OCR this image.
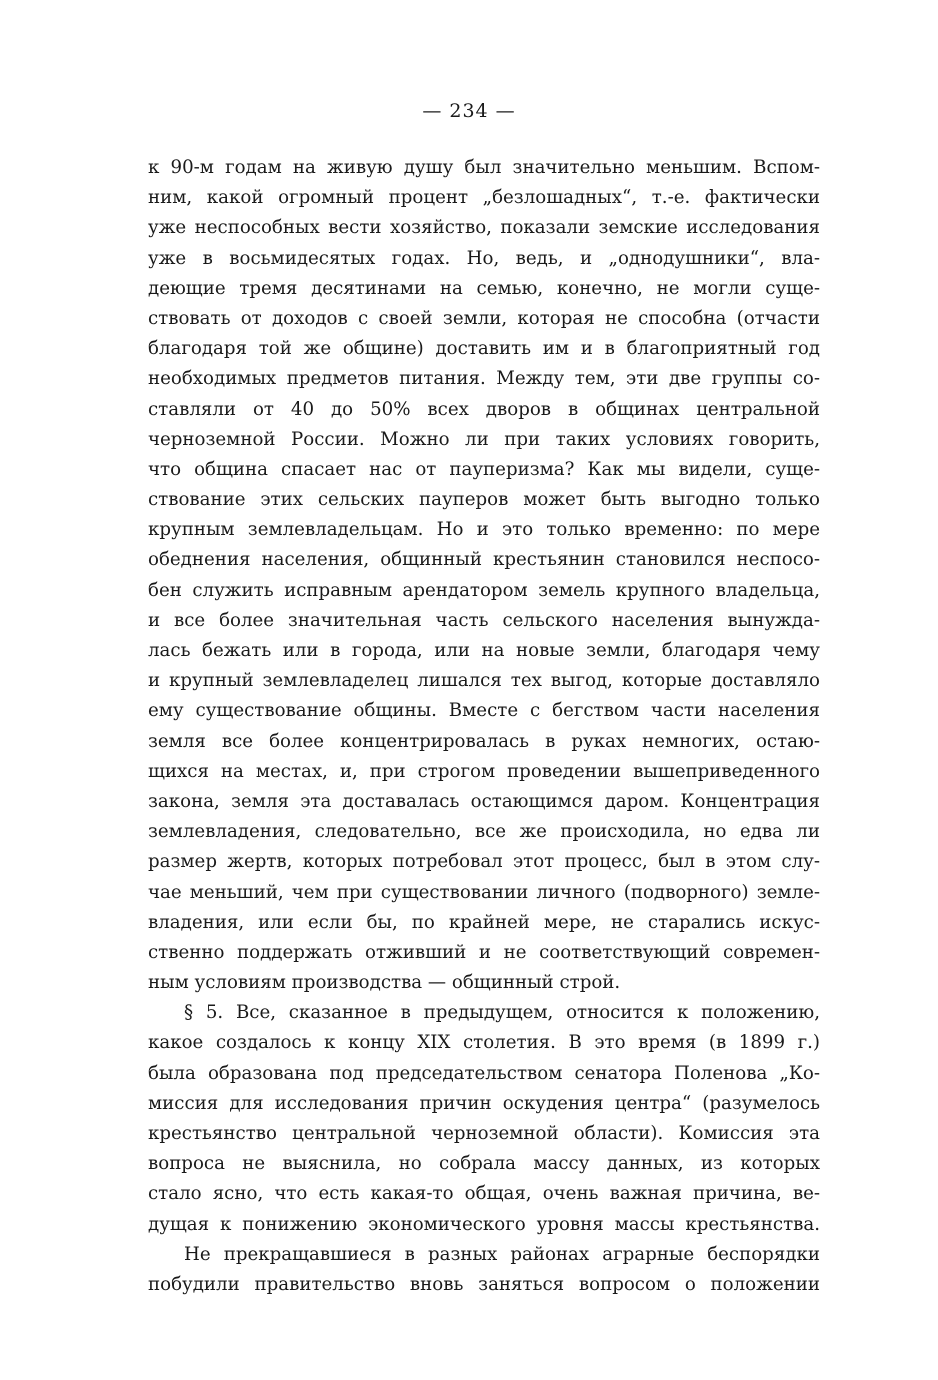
— 234 —
к 90-м годам на живую душу был значительно меньшим. Вспом-
ним, какой огромный процент „безлошадных“, т.-е. фактически
уже неспособных вести хозяйство, показали земские исследования
уже в восьмидесятых годах. Но, ведь, и „однодушники“, вла-
деющие тремя десятинами на семью, конечно, не могли суще-
ствовать от доходов с своей земли, которая не способна (отчасти
благодаря той же общине) доставить им и в благоприятный год
необходимых предметов питания. Между тем, эти две группы со-
ставляли от 40 до 50% всех дворов в общинах центральной
черноземной России. Можно ли при таких условиях говорить,
что община спасает нас от пауперизма? Как мы видели, суще-
ствование этих сельских пауперов может быть выгодно только
крупным землевладельцам. Но и это только временно: по мере
обеднения населения, общинный крестьянин становился неспосо-
бен служить исправным арендатором земель крупного владельца,
и все более значительная часть сельского населения вынужда-
лась бежать или в города, или на новые земли, благодаря чему
и крупный землевладелец лишался тех выгод, которые доставляло
ему существование общины. Вместе с бегством части населения
земля все более концентрировалась в руках немногих, остаю-
щихся на местах, и, при строгом проведении вышеприведенного
закона, земля эта доставалась остающимся даром. Концентрация
землевладения, следовательно, все же происходила, но едва ли
размер жертв, которых потребовал этот процесс, был в этом слу-
чае меньший, чем при существовании личного (подворного) земле-
владения, или если бы, по крайней мере, не старались искус-
ственно поддержать отживший и не соответствующий современ-
ным условиям производства — общинный строй.
§ 5. Все, сказанное в предыдущем, относится к положению,
какое создалось к концу XIX столетия. В это время (в 1899 г.)
была образована под председательством сенатора Поленова „Ко-
миссия для исследования причин оскудения центра“ (разумелось
крестьянство центральной черноземной области). Комиссия эта
вопроса не выяснила, но собрала массу данных, из которых
стало ясно, что есть какая-то общая, очень важная причина, ве-
дущая к понижению экономического уровня массы крестьянства.
Не прекращавшиеся в разных районах аграрные беспорядки
побудили правительство вновь заняться вопросом о положении
